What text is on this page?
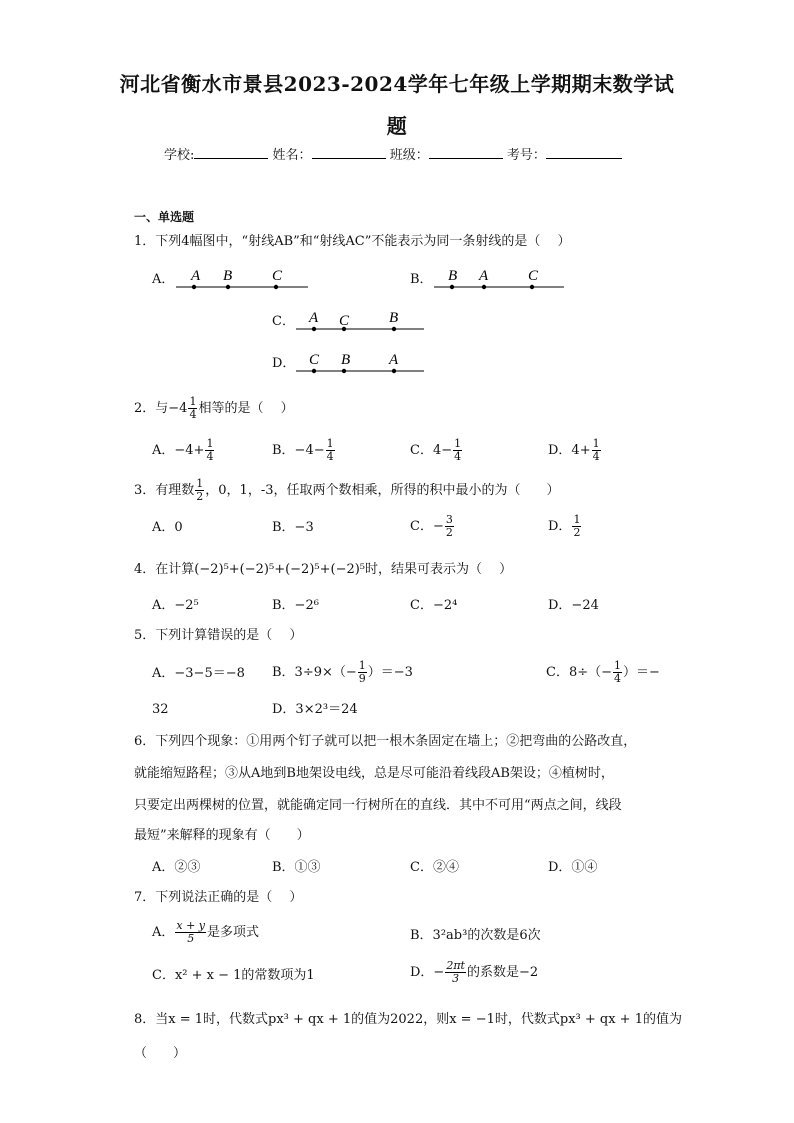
河北省衡水市景县2023-2024学年七年级上学期期末数学试
题
学校:	姓名：	班级：	考号：
一、单选题
1．下列4幅图中，“射线AB”和“射线AC”不能表示为同一条射线的是（　 ）
A． A B	C	B． B A	C
C． A C	B
D． C B	A
2．与$-4 \frac{1}{4}$ 相等的是（　 ）
A．$-4+ \frac{1}{4}$	B．$-4- \frac{1}{4}$	C．$4- \frac{1}{4}$	D．$4+ \frac{1}{4}$
3．有理数 $\frac{1}{2}$ ，0，1，-3，任取两个数相乘，所得的积中最小的为（　　）
A．0	B．−3	C．− $\frac{3}{2}$	D． $\frac{1}{2}$
4．在计算(−2)⁵+(−2)⁵+(−2)⁵+(−2)⁵时，结果可表示为（　 ）
A．−2⁵	B．−2⁶	C．−2⁴	D．−24
5．下列计算错误的是（　 ）
A．−3−5＝−8 B．$3\div 9\times(- \frac{1}{9} )=-3$	C．$8\div(- \frac{1}{4}$ ）＝−
32	D．3×2³＝24
6．下列四个现象：①用两个钉子就可以把一根木条固定在墙上；②把弯曲的公路改直，
就能缩短路程；③从A地到B地架设电线，总是尽可能沿着线段AB架设；④植树时，
只要定出两棵树的位置，就能确定同一行树所在的直线．其中不可用“两点之间，线段
最短”来解释的现象有（　　）
A．②③	B．①③	C．②④	D．①④
7．下列说法正确的是（　 ）
A． $\frac{x + y}{5}$ 是多项式	B．3²ab³的次数是6次
C．x² + x − 1的常数项为1	D．− $\frac{2\pi t}{3}$ 的系数是−2
8．当x = 1时，代数式px³ + qx + 1的值为2022，则x = −1时，代数式px³ + qx + 1的值为
（　　）
